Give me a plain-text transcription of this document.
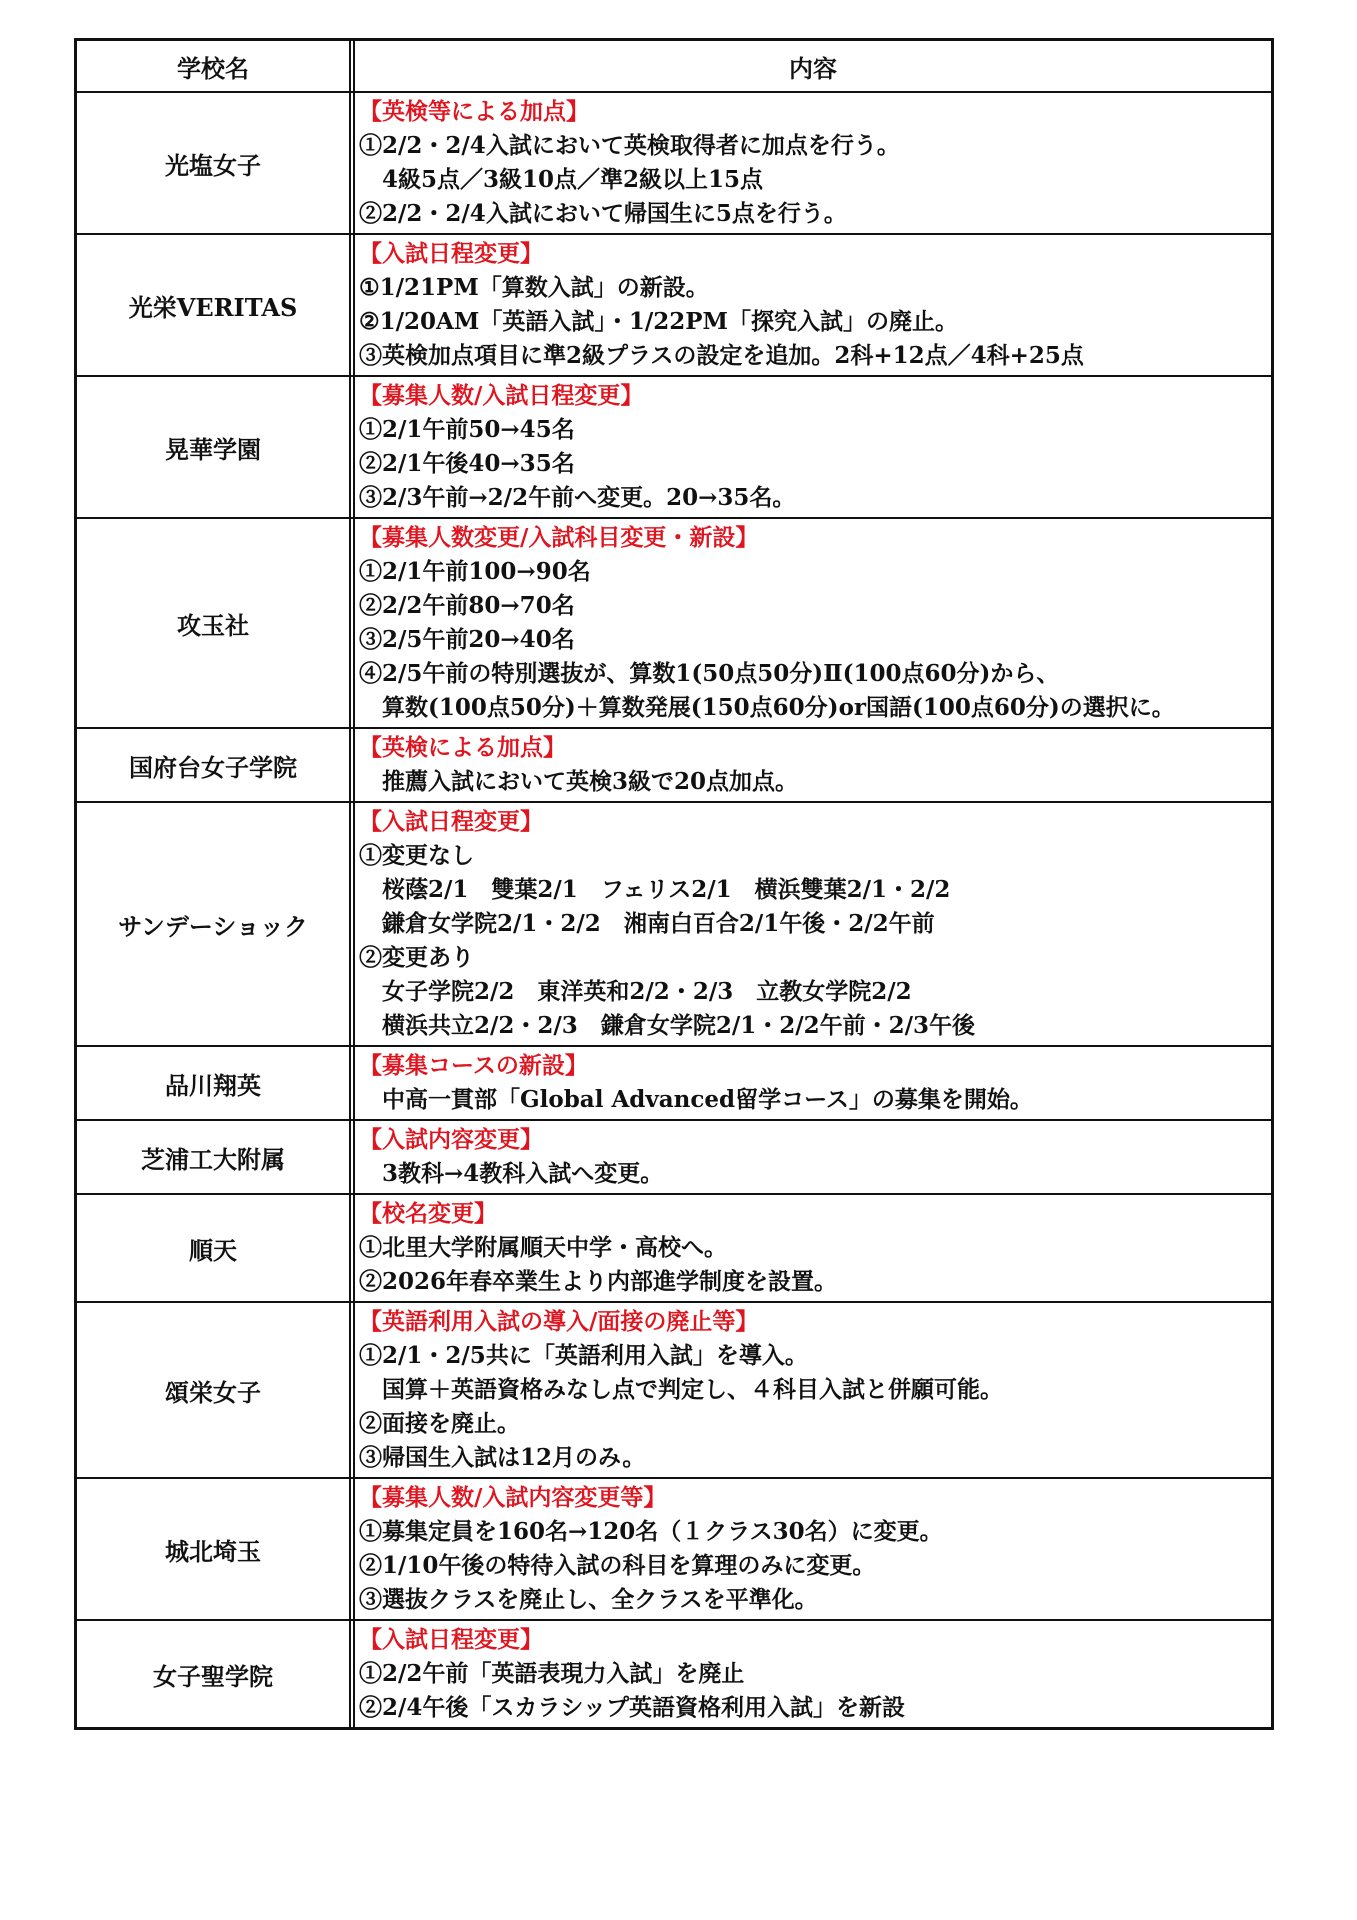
学校名	内容
光塩女子
【英検等による加点】
①2/2・2/4入試において英検取得者に加点を行う。
　4級5点／3級10点／準2級以上15点
②2/2・2/4入試において帰国生に5点を行う。
光栄VERITAS
【入試日程変更】
①1/21PM「算数入試」の新設。
②1/20AM「英語入試」・1/22PM「探究入試」の廃止。
③英検加点項目に準2級プラスの設定を追加。2科+12点／4科+25点
晃華学園
【募集人数/入試日程変更】
①2/1午前50→45名
②2/1午後40→35名
③2/3午前→2/2午前へ変更。20→35名。
攻玉社
【募集人数変更/入試科目変更・新設】
①2/1午前100→90名
②2/2午前80→70名
③2/5午前20→40名
④2/5午前の特別選抜が、算数1(50点50分)Ⅱ(100点60分)から、
　算数(100点50分)＋算数発展(150点60分)or国語(100点60分)の選択に。
国府台女子学院
【英検による加点】
　推薦入試において英検3級で20点加点。
サンデーショック
【入試日程変更】
①変更なし
　桜蔭2/1　雙葉2/1　フェリス2/1　横浜雙葉2/1・2/2
　鎌倉女学院2/1・2/2　湘南白百合2/1午後・2/2午前
②変更あり
　女子学院2/2　東洋英和2/2・2/3　立教女学院2/2
　横浜共立2/2・2/3　鎌倉女学院2/1・2/2午前・2/3午後
品川翔英
【募集コースの新設】
　中高一貫部「Global Advanced留学コース」の募集を開始。
芝浦工大附属
【入試内容変更】
　3教科→4教科入試へ変更。
順天
【校名変更】
①北里大学附属順天中学・高校へ。
②2026年春卒業生より内部進学制度を設置。
頌栄女子
【英語利用入試の導入/面接の廃止等】
①2/1・2/5共に「英語利用入試」を導入。
　国算＋英語資格みなし点で判定し、４科目入試と併願可能。
②面接を廃止。
③帰国生入試は12月のみ。
城北埼玉
【募集人数/入試内容変更等】
①募集定員を160名→120名（１クラス30名）に変更。
②1/10午後の特待入試の科目を算理のみに変更。
③選抜クラスを廃止し、全クラスを平準化。
女子聖学院
【入試日程変更】
①2/2午前「英語表現力入試」を廃止
②2/4午後「スカラシップ英語資格利用入試」を新設
